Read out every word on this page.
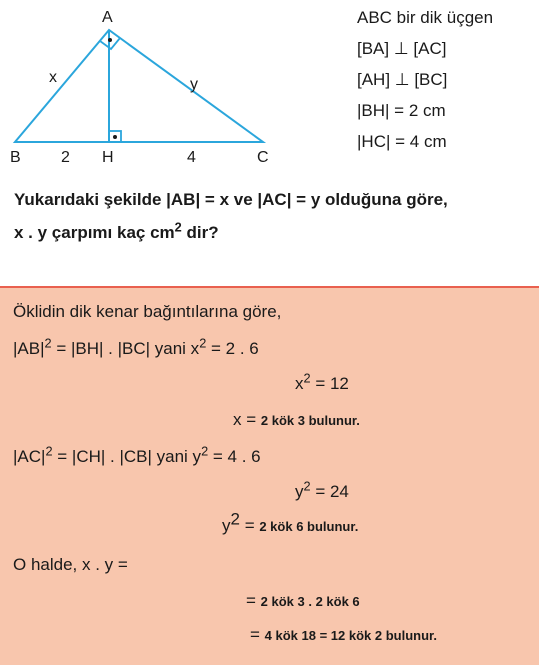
A
B	H	C
x	y
2	4
ABC bir dik üçgen
[BA] ⊥ [AC]
[AH] ⊥ [BC]
|BH| = 2 cm
|HC| = 4 cm
Yukarıdaki şekilde |AB| = x ve |AC| = y olduğuna göre,
x . y çarpımı kaç $cm^2$ dir?
Öklidin dik kenar bağıntılarına göre,
$|AB|^2 = |BH|$ . |BC| yani $x^2 = 2$ . 6
$x^2 = 12$
x = 2 kök 3 bulunur.
$|AC|^2 = |CH|$ . |CB| yani $y^2 = 4$ . 6
$y^2 = 24$
$y^2 = 2$ kök 6 bulunur.
O halde, x . y =
= 2 kök 3 . 2 kök 6
= 4 kök 18 = 12 kök 2 bulunur.
